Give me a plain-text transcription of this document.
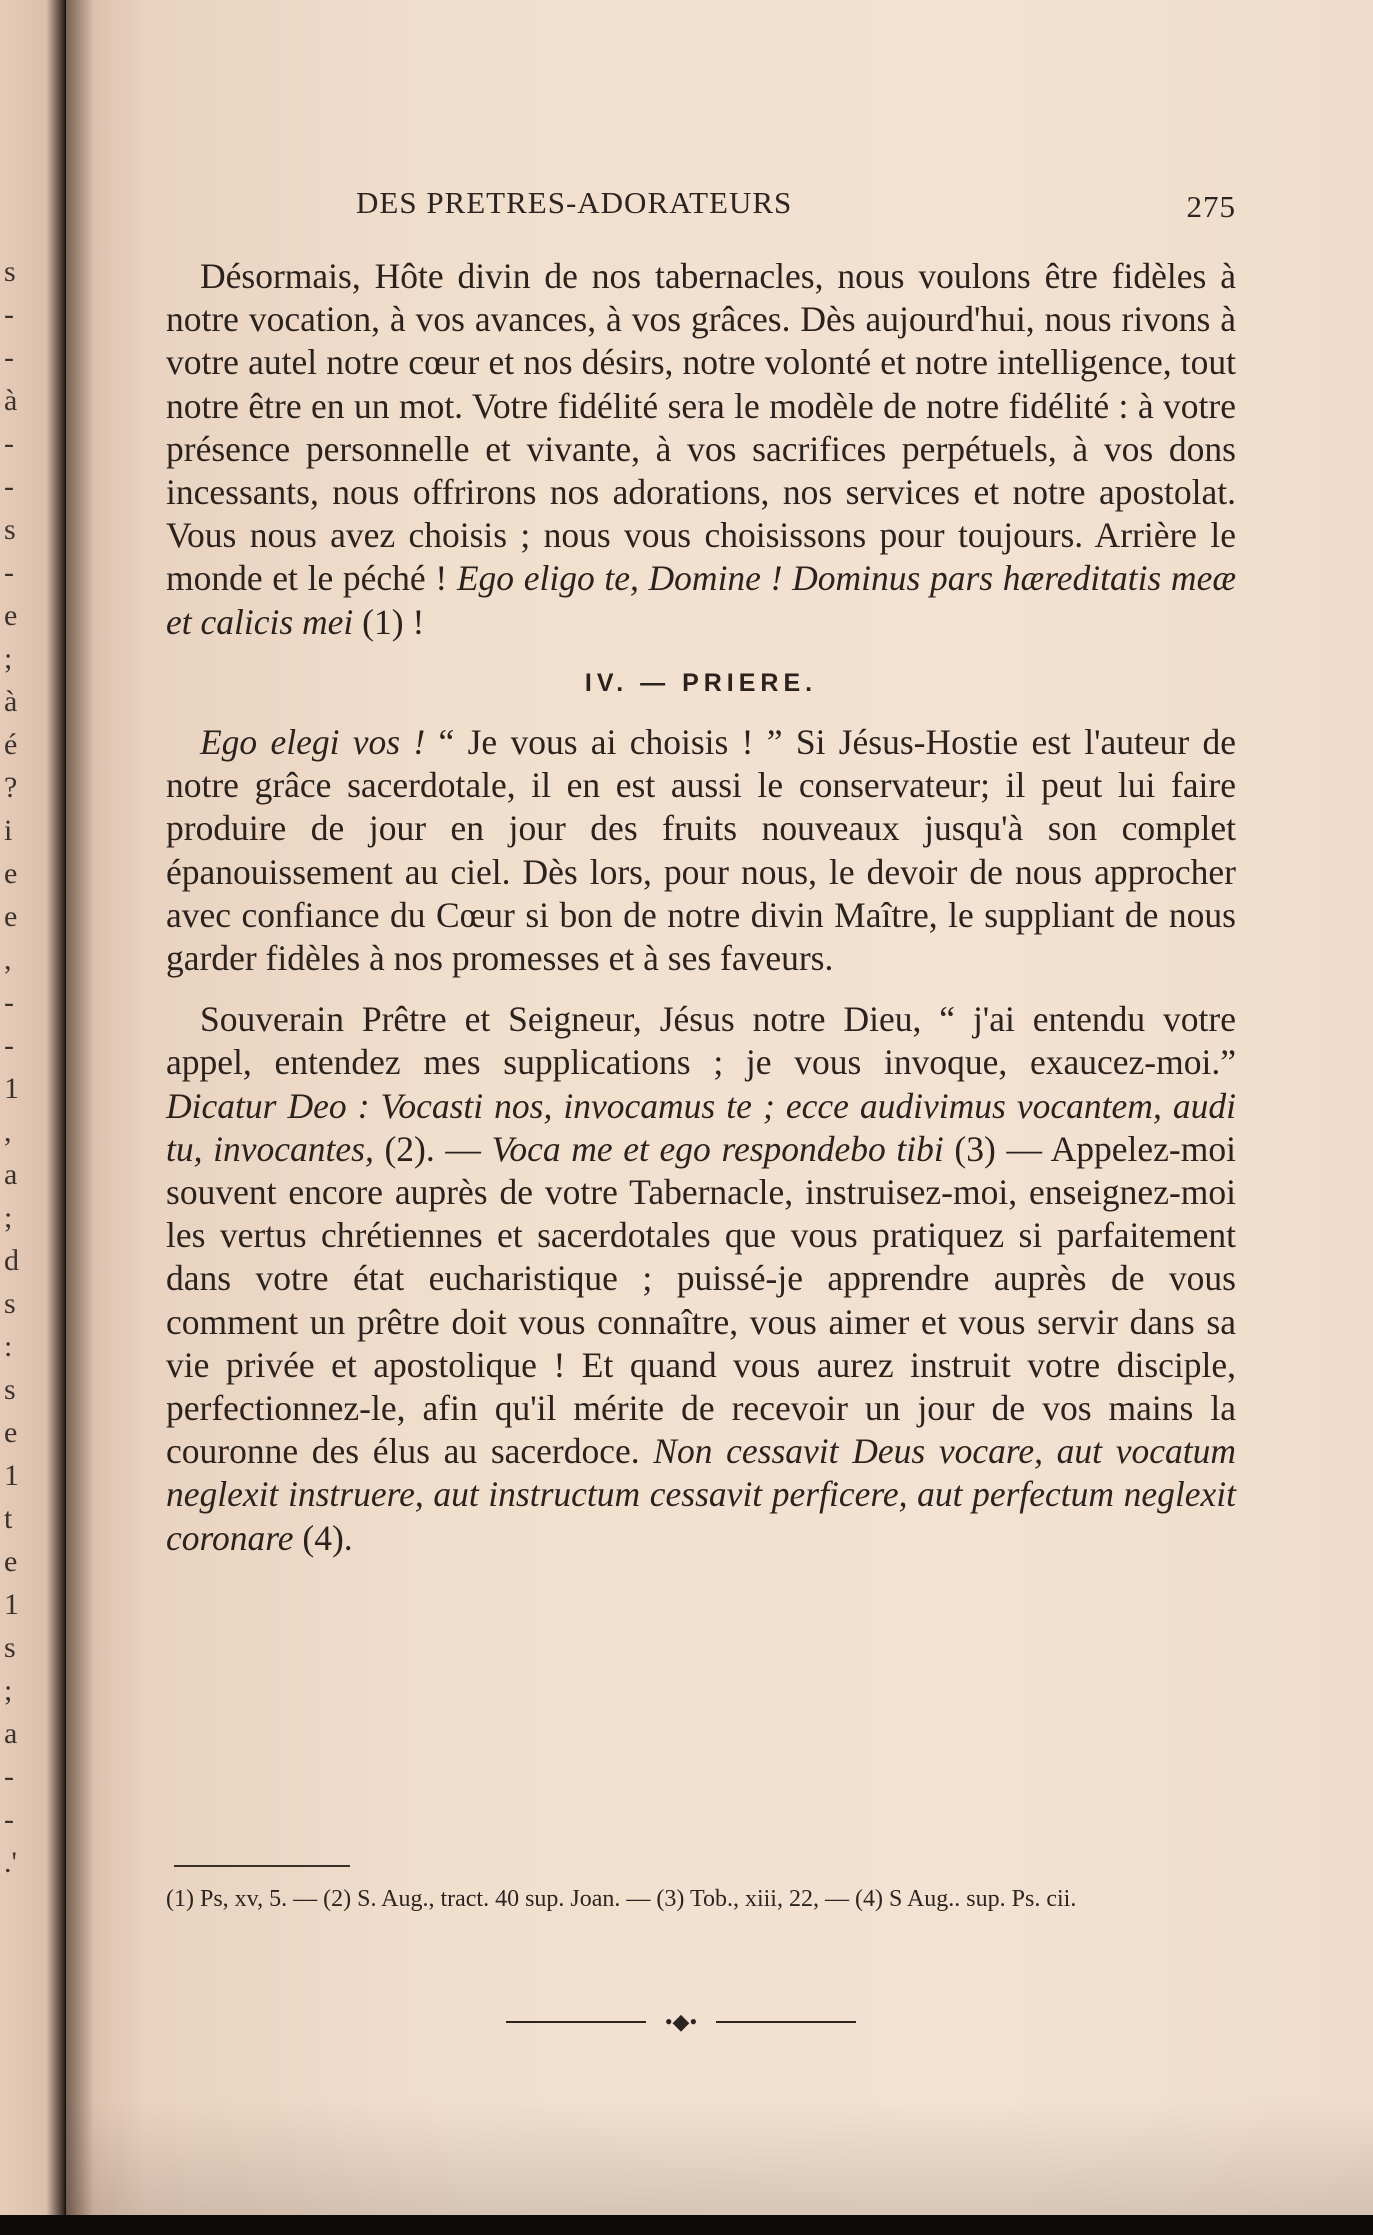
s
-
-
à
-
-
s
-
e
;
à
é
?
i
e
e
,
-
-
1
,
a
;
d
s
:
s
e
1
t
e
1
s
;
a
-
-
.'
DES PRETRES-ADORATEURS	275

Désormais, Hôte divin de nos tabernacles, nous voulons être fidèles à notre vocation, à vos avances, à vos grâces. Dès aujourd'hui, nous rivons à votre autel notre cœur et nos désirs, notre volonté et notre intelligence, tout notre être en un mot. Votre fidélité sera le modèle de notre fidélité : à votre présence personnelle et vivante, à vos sacrifices perpétuels, à vos dons incessants, nous offrirons nos adorations, nos services et notre apostolat. Vous nous avez choisis ; nous vous choisissons pour toujours. Arrière le monde et le péché ! Ego eligo te, Domine ! Dominus pars hæreditatis meæ et calicis mei (1) !

IV. — PRIERE.

Ego elegi vos ! “ Je vous ai choisis ! ” Si Jésus-Hostie est l'auteur de notre grâce sacerdotale, il en est aussi le conservateur; il peut lui faire produire de jour en jour des fruits nouveaux jusqu'à son complet épanouissement au ciel. Dès lors, pour nous, le devoir de nous approcher avec confiance du Cœur si bon de notre divin Maître, le suppliant de nous garder fidèles à nos promesses et à ses faveurs.

Souverain Prêtre et Seigneur, Jésus notre Dieu, “ j'ai entendu votre appel, entendez mes supplications ; je vous invoque, exaucez-moi.” Dicatur Deo : Vocasti nos, invocamus te ; ecce audivimus vocantem, audi tu, invocantes, (2). — Voca me et ego respondebo tibi (3) — Appelez-moi souvent encore auprès de votre Tabernacle, instruisez-moi, enseignez-moi les vertus chrétiennes et sacerdotales que vous pratiquez si parfaitement dans votre état eucharistique ; puissé-je apprendre auprès de vous comment un prêtre doit vous connaître, vous aimer et vous servir dans sa vie privée et apostolique ! Et quand vous aurez instruit votre disciple, perfectionnez-le, afin qu'il mérite de recevoir un jour de vos mains la couronne des élus au sacerdoce. Non cessavit Deus vocare, aut vocatum neglexit instruere, aut instructum cessavit perficere, aut perfectum neglexit coronare (4).

(1) Ps, xv, 5. — (2) S. Aug., tract. 40 sup. Joan. — (3) Tob., xiii, 22, — (4) S Aug.. sup. Ps. cii.
•◆•
